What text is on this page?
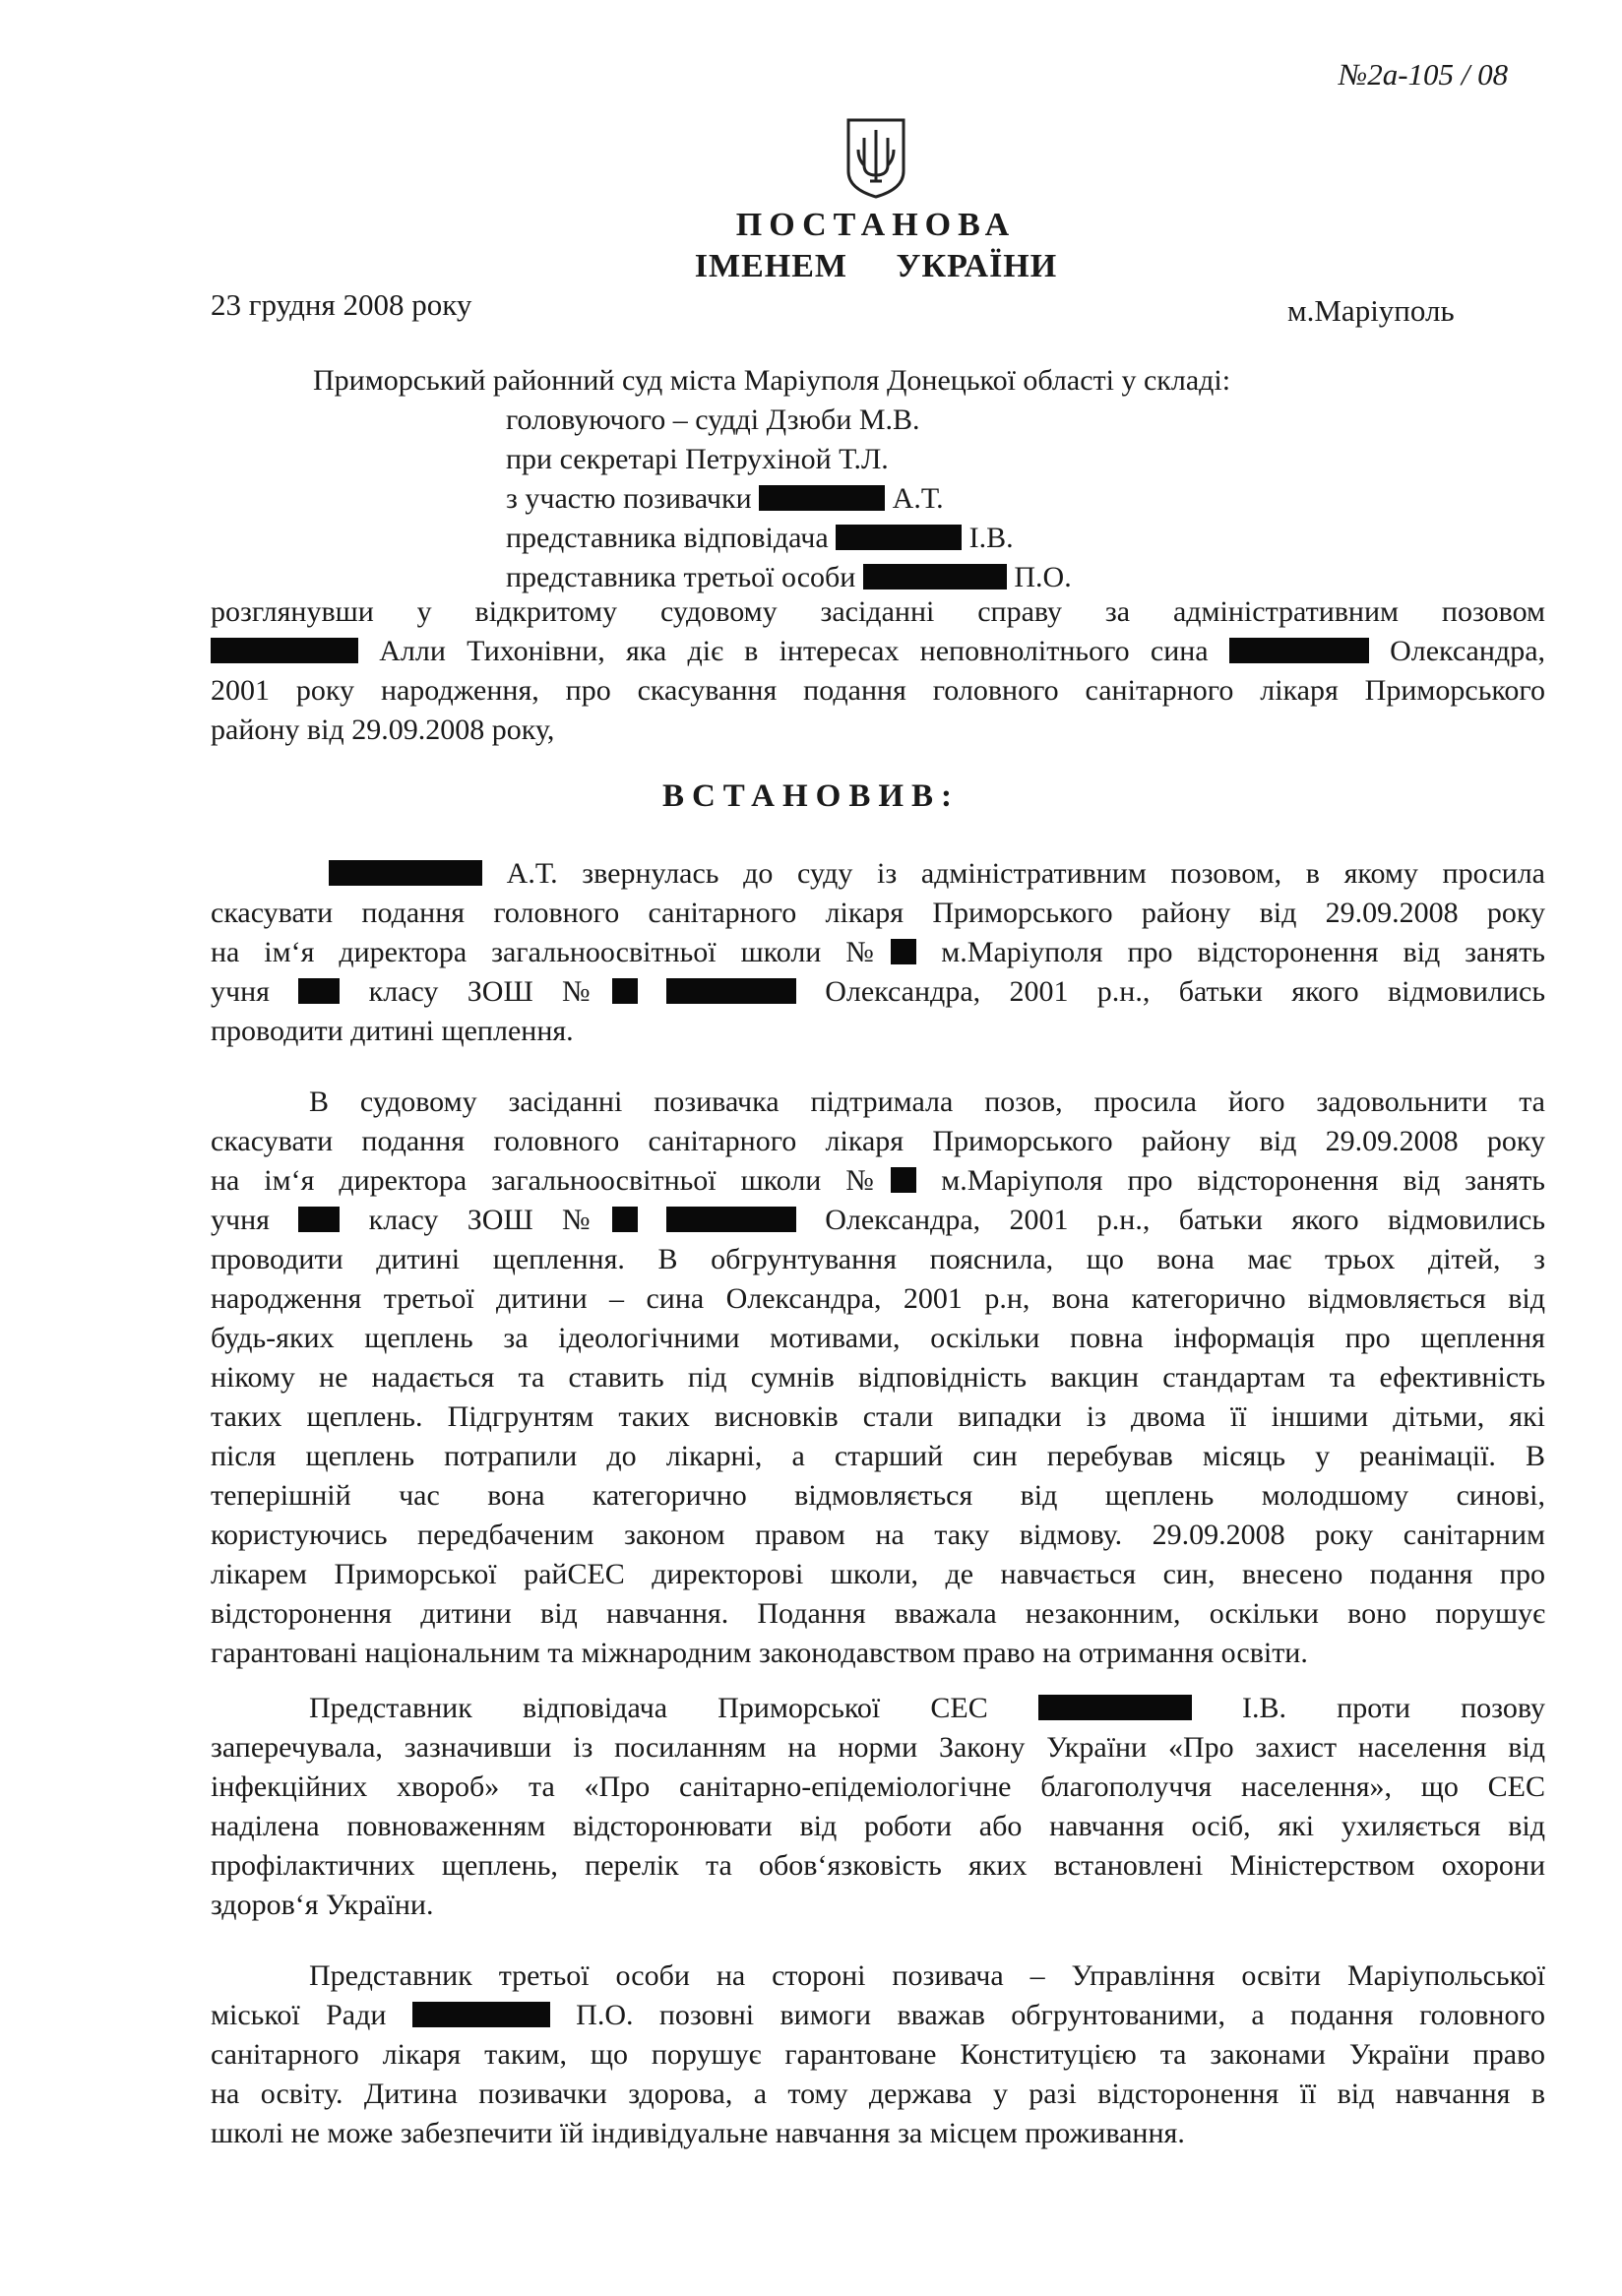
№2а-105 / 08
ПОСТАНОВА
ІМЕНЕМ УКРАЇНИ
23 грудня 2008 року	м.Маріуполь
Приморський районний суд міста Маріуполя Донецької області у складі:
головуючого – судді Дзюби М.В.
при секретарі Петрухіной Т.Л.
з участю позивачки	А.Т.
представника відповідача	І.В.
представника третьої особи	П.О.
розглянувши у відкритому судовому засіданні справу за адміністративним позовом
Алли Тихонівни, яка діє в інтересах неповнолітнього сина	Олександра,
2001 року народження, про скасування подання головного санітарного лікаря Приморського
району від 29.09.2008 року,
ВСТАНОВИВ:
А.Т. звернулась до суду із адміністративним позовом, в якому просила
скасувати подання головного санітарного лікаря Приморського району від 29.09.2008 року
на ім‘я директора загальноосвітньої школи № м.Маріуполя про відсторонення від занять
учня	класу ЗОШ №	Олександра, 2001 р.н., батьки якого відмовились
проводити дитині щеплення.
В судовому засіданні позивачка підтримала позов, просила його задовольнити та
скасувати подання головного санітарного лікаря Приморського району від 29.09.2008 року
на ім‘я директора загальноосвітньої школи № м.Маріуполя про відсторонення від занять
учня	класу ЗОШ №	Олександра, 2001 р.н., батьки якого відмовились
проводити дитині щеплення. В обгрунтування пояснила, що вона має трьох дітей, з
народження третьої дитини – сина Олександра, 2001 р.н, вона категорично відмовляється від
будь-яких щеплень за ідеологічними мотивами, оскільки повна інформація про щеплення
нікому не надається та ставить під сумнів відповідність вакцин стандартам та ефективність
таких щеплень. Підгрунтям таких висновків стали випадки із двома її іншими дітьми, які
після щеплень потрапили до лікарні, а старший син перебував місяць у реанімації. В
теперішній час вона категорично відмовляється від щеплень молодшому синові,
користуючись передбаченим законом правом на таку відмову. 29.09.2008 року санітарним
лікарем Приморської райСЕС директорові школи, де навчається син, внесено подання про
відсторонення дитини від навчання. Подання вважала незаконним, оскільки воно порушує
гарантовані національним та міжнародним законодавством право на отримання освіти.
Представник відповідача Приморської СЕС	І.В. проти позову
заперечувала, зазначивши із посиланням на норми Закону України «Про захист населення від
інфекційних хвороб» та «Про санітарно-епідеміологічне благополуччя населення», що СЕС
наділена повноваженням відсторонювати від роботи або навчання осіб, які ухиляється від
профілактичних щеплень, перелік та обов‘язковість яких встановлені Міністерством охорони
здоров‘я України.
Представник третьої особи на стороні позивача – Управління освіти Маріупольської
міської Ради	П.О. позовні вимоги вважав обгрунтованими, а подання головного
санітарного лікаря таким, що порушує гарантоване Конституцією та законами України право
на освіту. Дитина позивачки здорова, а тому держава у разі відсторонення її від навчання в
школі не може забезпечити їй індивідуальне навчання за місцем проживання.
